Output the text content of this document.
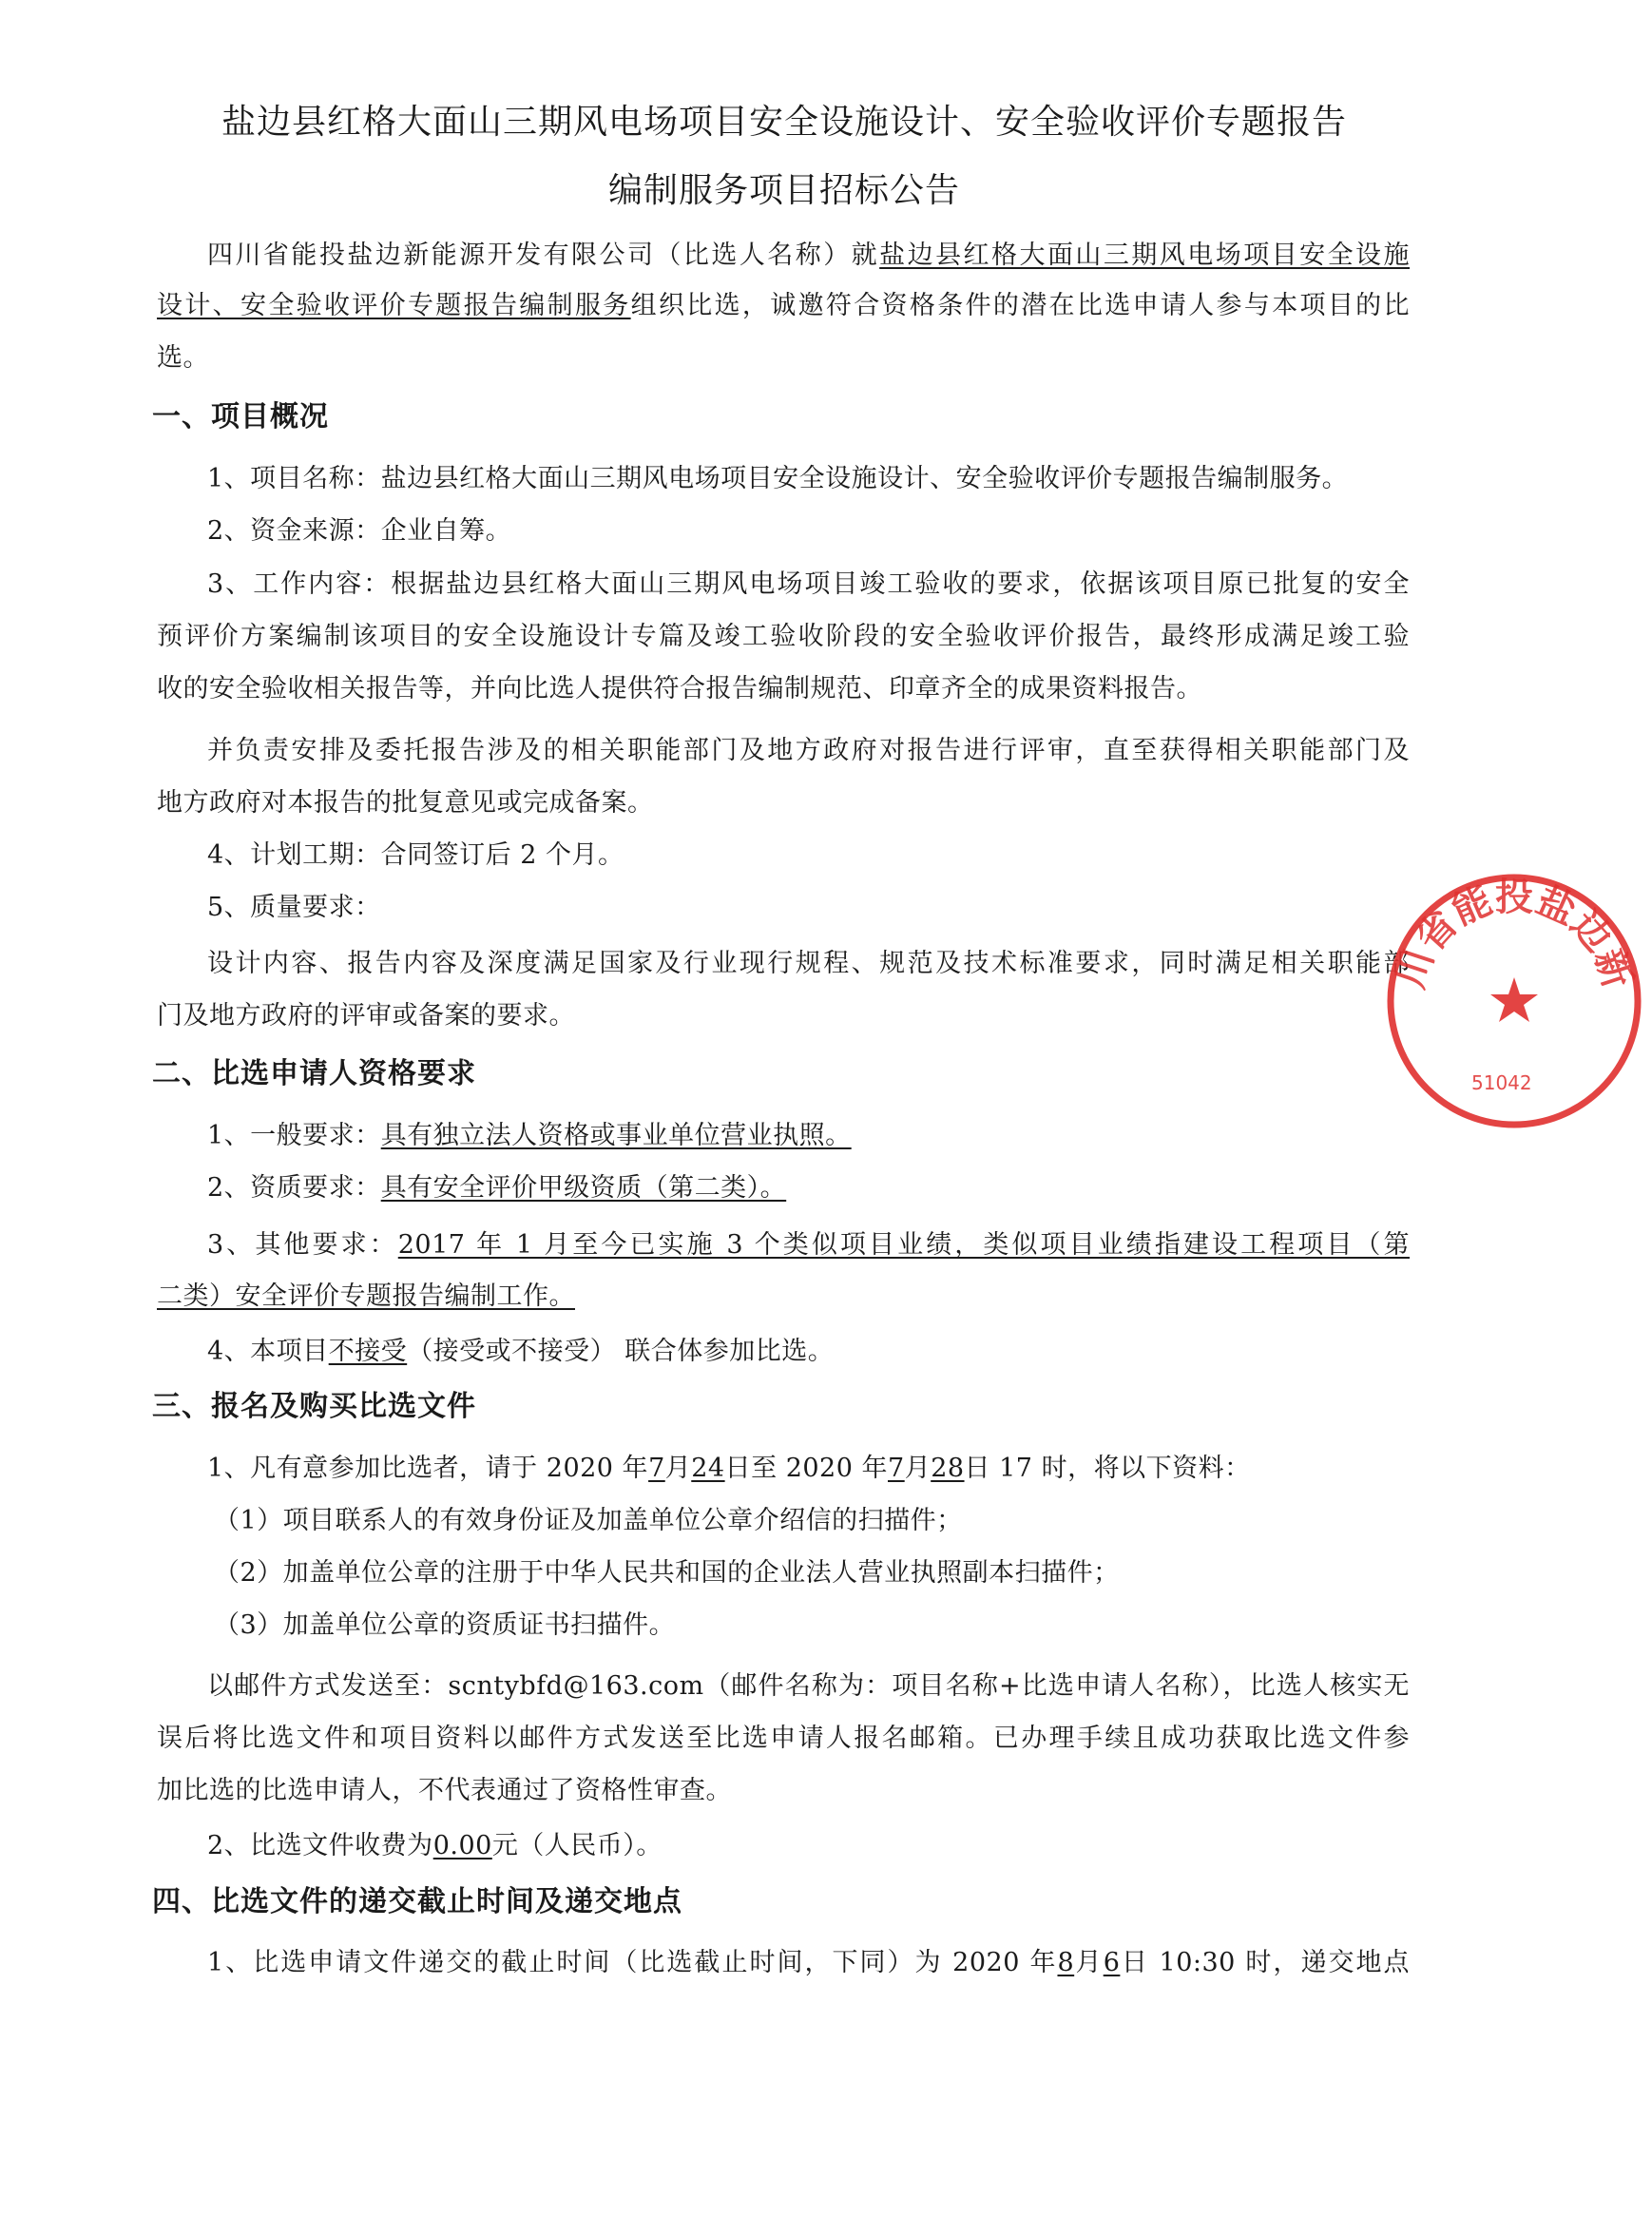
盐边县红格大面山三期风电场项目安全设施设计、安全验收评价专题报告
编制服务项目招标公告
四川省能投盐边新能源开发有限公司（比选人名称）就盐边县红格大面山三期风电场项目安全设施
设计、安全验收评价专题报告编制服务组织比选，诚邀符合资格条件的潜在比选申请人参与本项目的比
选。
一、项目概况
1、项目名称：盐边县红格大面山三期风电场项目安全设施设计、安全验收评价专题报告编制服务。
2、资金来源：企业自筹。
3、工作内容：根据盐边县红格大面山三期风电场项目竣工验收的要求，依据该项目原已批复的安全
预评价方案编制该项目的安全设施设计专篇及竣工验收阶段的安全验收评价报告，最终形成满足竣工验
收的安全验收相关报告等，并向比选人提供符合报告编制规范、印章齐全的成果资料报告。
并负责安排及委托报告涉及的相关职能部门及地方政府对报告进行评审，直至获得相关职能部门及
地方政府对本报告的批复意见或完成备案。
4、计划工期：合同签订后 2 个月。
5、质量要求：
设计内容、报告内容及深度满足国家及行业现行规程、规范及技术标准要求，同时满足相关职能部
门及地方政府的评审或备案的要求。
二、比选申请人资格要求
1、一般要求：具有独立法人资格或事业单位营业执照。
2、资质要求：具有安全评价甲级资质（第二类）。
3、其他要求：2017 年 1 月至今已实施 3 个类似项目业绩，类似项目业绩指建设工程项目（第
二类）安全评价专题报告编制工作。
4、本项目不接受（接受或不接受） 联合体参加比选。
三、报名及购买比选文件
1、凡有意参加比选者，请于 2020 年7月24日至 2020 年7月28日 17 时，将以下资料：
（1）项目联系人的有效身份证及加盖单位公章介绍信的扫描件；
（2）加盖单位公章的注册于中华人民共和国的企业法人营业执照副本扫描件；
（3）加盖单位公章的资质证书扫描件。
以邮件方式发送至：scntybfd@163.com（邮件名称为：项目名称+比选申请人名称），比选人核实无
误后将比选文件和项目资料以邮件方式发送至比选申请人报名邮箱。已办理手续且成功获取比选文件参
加比选的比选申请人，不代表通过了资格性审查。
2、比选文件收费为0.00元（人民币）。
四、比选文件的递交截止时间及递交地点
1、比选申请文件递交的截止时间（比选截止时间，下同）为 2020 年8月6日 10:30 时，递交地点
四川省能投盐边新能
51042
